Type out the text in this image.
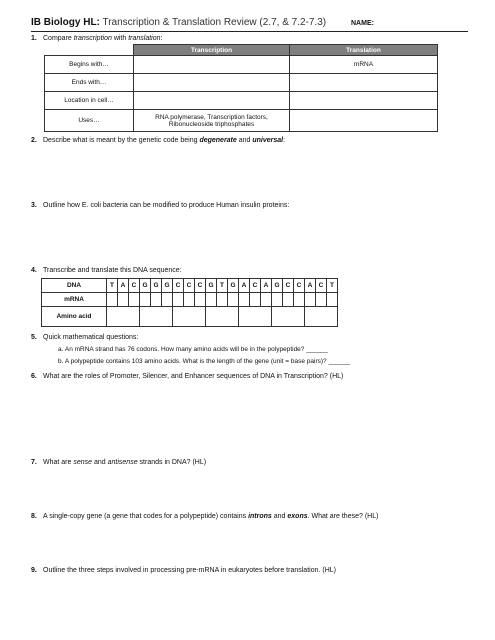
IB Biology HL: Transcription & Translation Review (2.7, & 7.2-7.3)	NAME:
1. Compare transcription with translation:
	Transcription	Translation
Begins with…		mRNA
Ends with…		
Location in cell…		
Uses…	RNA polymerase, Transcription factors,
Ribonucleoside triphosphates	

2. Describe what is meant by the genetic code being degenerate and universal:
3. Outline how E. coli bacteria can be modified to produce Human insulin proteins:
4. Transcribe and translate this DNA sequence:
DNA	T	A	C	G	G	G	C	C	C	G	T	G	A	C	A	G	C	C	A	C	T
mRNA																					
Amino acid																					
5. Quick mathematical questions:
a. An mRNA strand has 76 codons. How many amino acids will be in the polypeptide? ______
b. A polypeptide contains 103 amino acids. What is the length of the gene (unit = base pairs)? ______
6. What are the roles of Promoter, Silencer, and Enhancer sequences of DNA in Transcription? (HL)
7. What are sense and antisense strands in DNA? (HL)
8. A single-copy gene (a gene that codes for a polypeptide) contains introns and exons. What are these? (HL)
9. Outline the three steps involved in processing pre-mRNA in eukaryotes before translation. (HL)
